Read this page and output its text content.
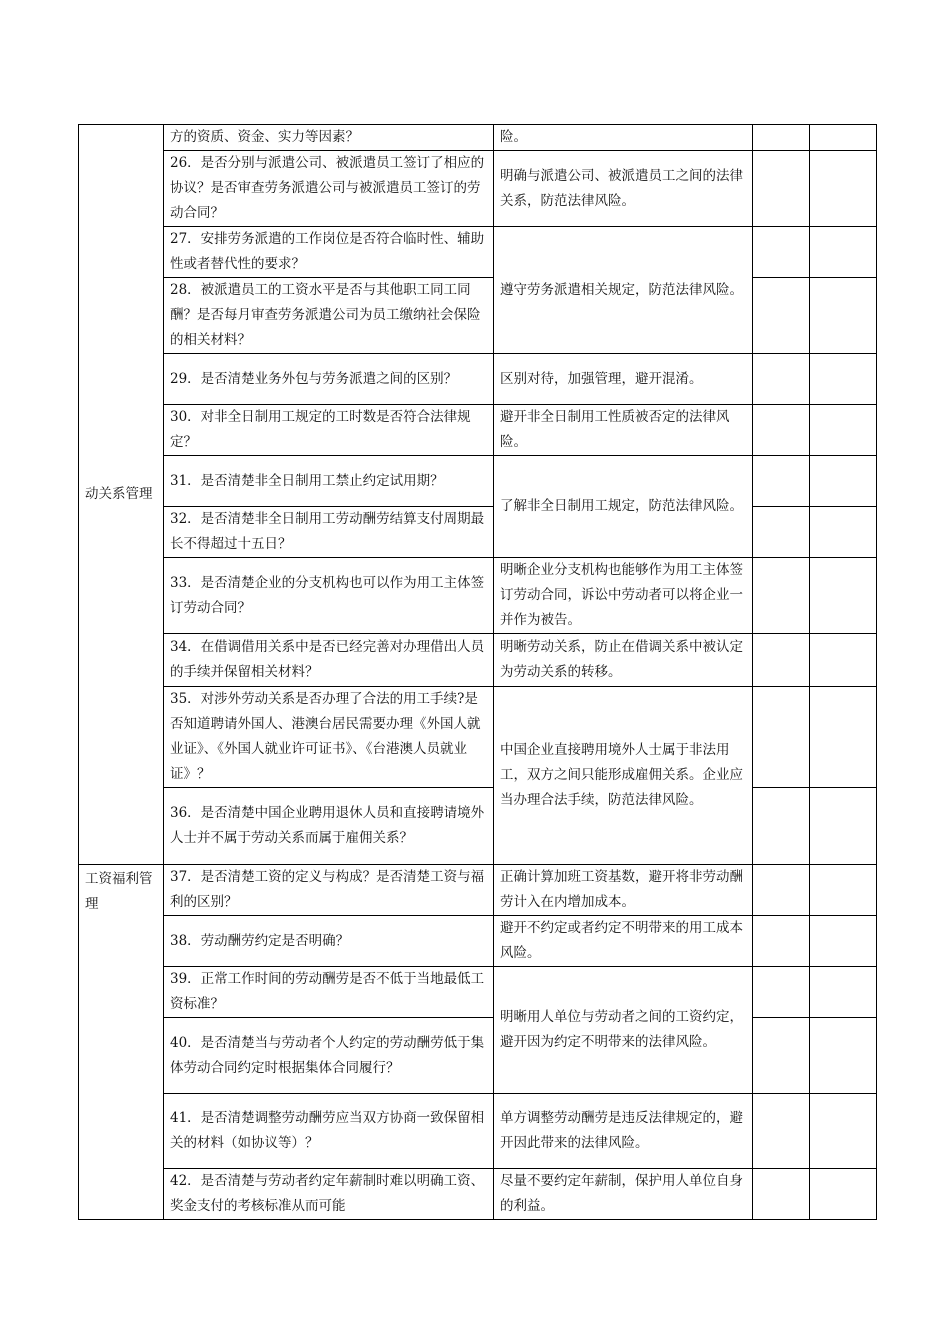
动关系管理	方的资质、资金、实力等因素？	险。		
	26．是否分别与派遣公司、被派遣员工签订了相应的协议？是否审查劳务派遣公司与被派遣员工签订的劳动合同？	明确与派遣公司、被派遣员工之间的法律关系，防范法律风险。		
	27．安排劳务派遣的工作岗位是否符合临时性、辅助性或者替代性的要求？	遵守劳务派遣相关规定，防范法律风险。		
	28．被派遣员工的工资水平是否与其他职工同工同酬？是否每月审查劳务派遣公司为员工缴纳社会保险的相关材料？			
	29．是否清楚业务外包与劳务派遣之间的区别？	区别对待，加强管理，避开混淆。		
	30．对非全日制用工规定的工时数是否符合法律规定？	避开非全日制用工性质被否定的法律风险。		
	31．是否清楚非全日制用工禁止约定试用期？	了解非全日制用工规定，防范法律风险。		
	32．是否清楚非全日制用工劳动酬劳结算支付周期最长不得超过十五日？			
	33．是否清楚企业的分支机构也可以作为用工主体签订劳动合同？	明晰企业分支机构也能够作为用工主体签订劳动合同，诉讼中劳动者可以将企业一并作为被告。		
	34．在借调借用关系中是否已经完善对办理借出人员的手续并保留相关材料？	明晰劳动关系，防止在借调关系中被认定为劳动关系的转移。		
	35．对涉外劳动关系是否办理了合法的用工手续?是否知道聘请外国人、港澳台居民需要办理《外国人就业证》、《外国人就业许可证书》、《台港澳人员就业证》？	中国企业直接聘用境外人士属于非法用工，双方之间只能形成雇佣关系。企业应当办理合法手续，防范法律风险。		
	36．是否清楚中国企业聘用退休人员和直接聘请境外人士并不属于劳动关系而属于雇佣关系？			
工资福利管理	37．是否清楚工资的定义与构成？是否清楚工资与福利的区别？	正确计算加班工资基数，避开将非劳动酬劳计入在内增加成本。		
	38．劳动酬劳约定是否明确？	避开不约定或者约定不明带来的用工成本风险。		
	39．正常工作时间的劳动酬劳是否不低于当地最低工资标准？	明晰用人单位与劳动者之间的工资约定，避开因为约定不明带来的法律风险。		
	40．是否清楚当与劳动者个人约定的劳动酬劳低于集体劳动合同约定时根据集体合同履行？			
	41．是否清楚调整劳动酬劳应当双方协商一致保留相关的材料（如协议等）？	单方调整劳动酬劳是违反法律规定的，避开因此带来的法律风险。		
	42．是否清楚与劳动者约定年薪制时难以明确工资、奖金支付的考核标准从而可能	尽量不要约定年薪制，保护用人单位自身的利益。		
